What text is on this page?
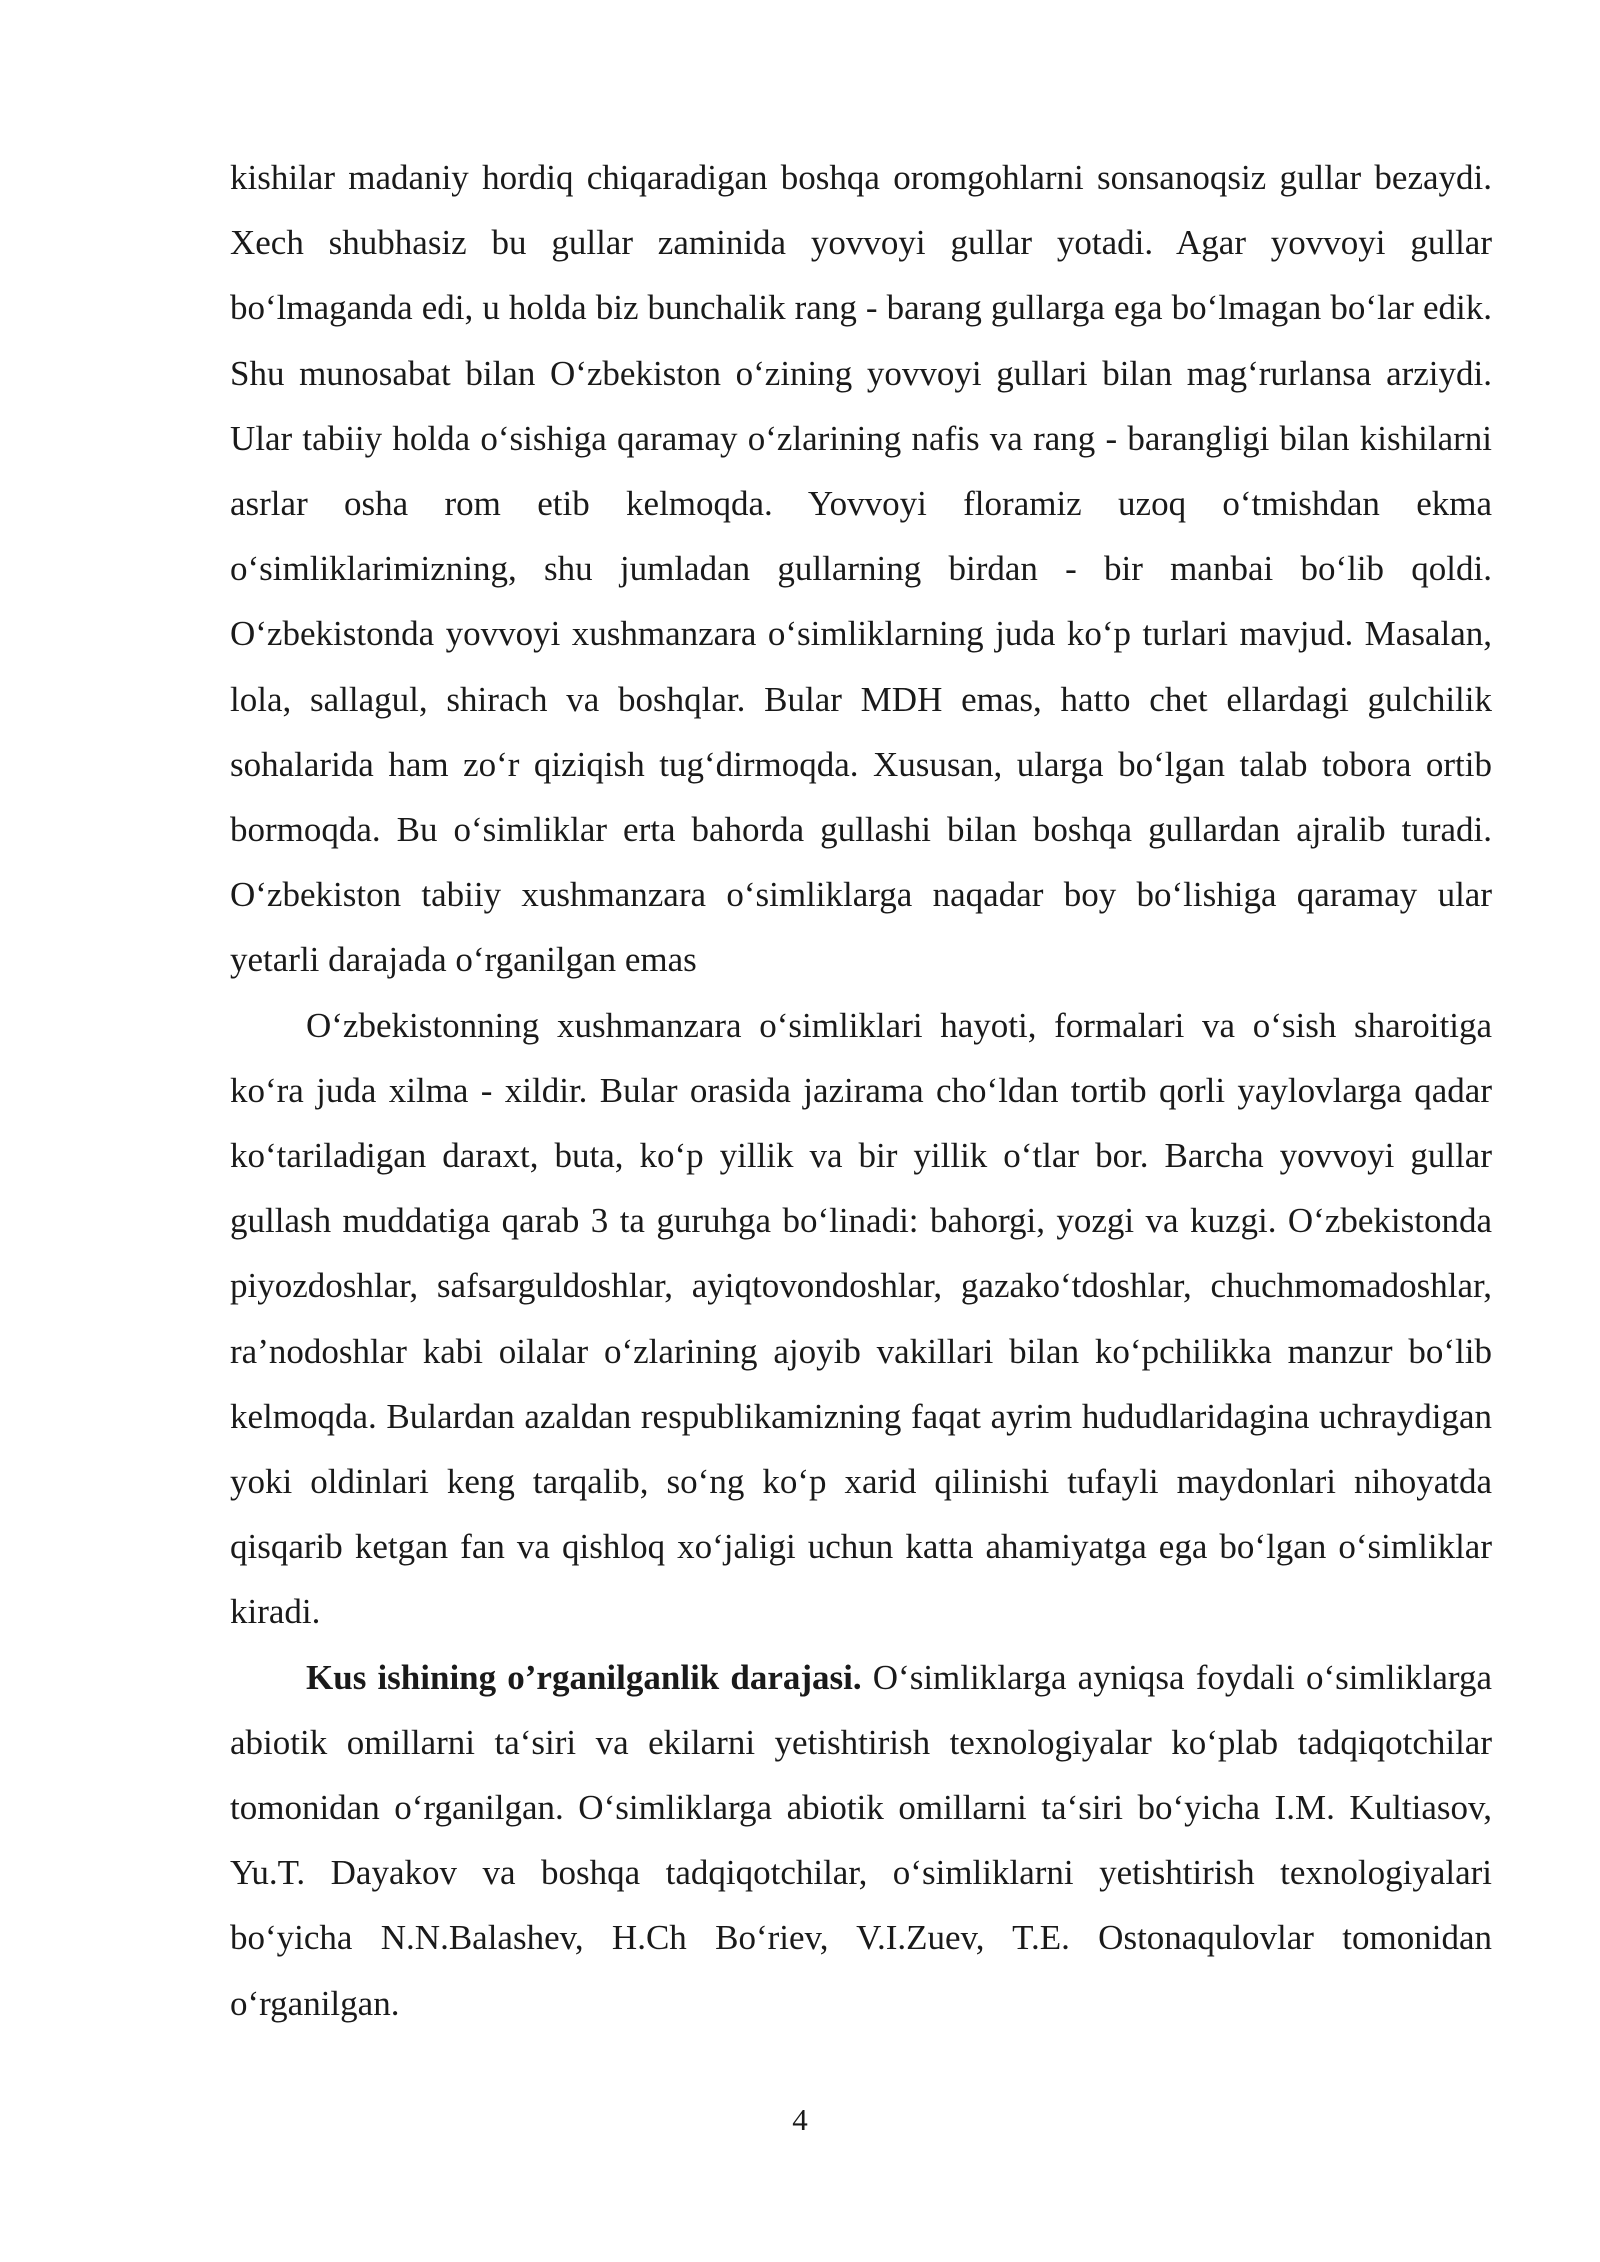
kishilar madaniy hordiq chiqaradigan boshqa oromgohlarni sonsanoqsiz gullar bezaydi. Xech shubhasiz bu gullar zaminida yovvoyi gullar yotadi. Agar yovvoyi gullar bo‘lmaganda edi, u holda biz bunchalik rang - barang gullarga ega bo‘lmagan bo‘lar edik. Shu munosabat bilan O‘zbekiston o‘zining yovvoyi gullari bilan mag‘rurlansa arziydi. Ular tabiiy holda o‘sishiga qaramay o‘zlarining nafis va rang - barangligi bilan kishilarni asrlar osha rom etib kelmoqda. Yovvoyi floramiz uzoq o‘tmishdan ekma o‘simliklarimizning, shu jumladan gullarning birdan - bir manbai bo‘lib qoldi. O‘zbekistonda yovvoyi xushmanzara o‘simliklarning juda ko‘p turlari mavjud. Masalan, lola, sallagul, shirach va boshqlar. Bular MDH emas, hatto chet ellardagi gulchilik sohalarida ham zo‘r qiziqish tug‘dirmoqda. Xususan, ularga bo‘lgan talab tobora ortib bormoqda. Bu o‘simliklar erta bahorda gullashi bilan boshqa gullardan ajralib turadi. O‘zbekiston tabiiy xushmanzara o‘simliklarga naqadar boy bo‘lishiga qaramay ular yetarli darajada o‘rganilgan emas

O‘zbekistonning xushmanzara o‘simliklari hayoti, formalari va o‘sish sharoitiga ko‘ra juda xilma - xildir. Bular orasida jazirama cho‘ldan tortib qorli yaylovlarga qadar ko‘tariladigan daraxt, buta, ko‘p yillik va bir yillik o‘tlar bor. Barcha yovvoyi gullar gullash muddatiga qarab 3 ta guruhga bo‘linadi: bahorgi, yozgi va kuzgi. O‘zbekistonda piyozdoshlar, safsarguldoshlar, ayiqtovondoshlar, gazako‘tdoshlar, chuchmomadoshlar, ra’nodoshlar kabi oilalar o‘zlarining ajoyib vakillari bilan ko‘pchilikka manzur bo‘lib kelmoqda. Bulardan azaldan respublikamizning faqat ayrim hududlaridagina uchraydigan yoki oldinlari keng tarqalib, so‘ng ko‘p xarid qilinishi tufayli maydonlari nihoyatda qisqarib ketgan fan va qishloq xo‘jaligi uchun katta ahamiyatga ega bo‘lgan o‘simliklar kiradi.

Kus ishining o’rganilganlik darajasi. O‘simliklarga ayniqsa foydali o‘simliklarga abiotik omillarni ta‘siri va ekilarni yetishtirish texnologiyalar ko‘plab tadqiqotchilar tomonidan o‘rganilgan. O‘simliklarga abiotik omillarni ta‘siri bo‘yicha I.M. Kultiasov, Yu.T. Dayakov va boshqa tadqiqotchilar, o‘simliklarni yetishtirish texnologiyalari bo‘yicha N.N.Balashev, H.Ch Bo‘riev, V.I.Zuev, T.E. Ostonaqulovlar tomonidan o‘rganilgan.

4
